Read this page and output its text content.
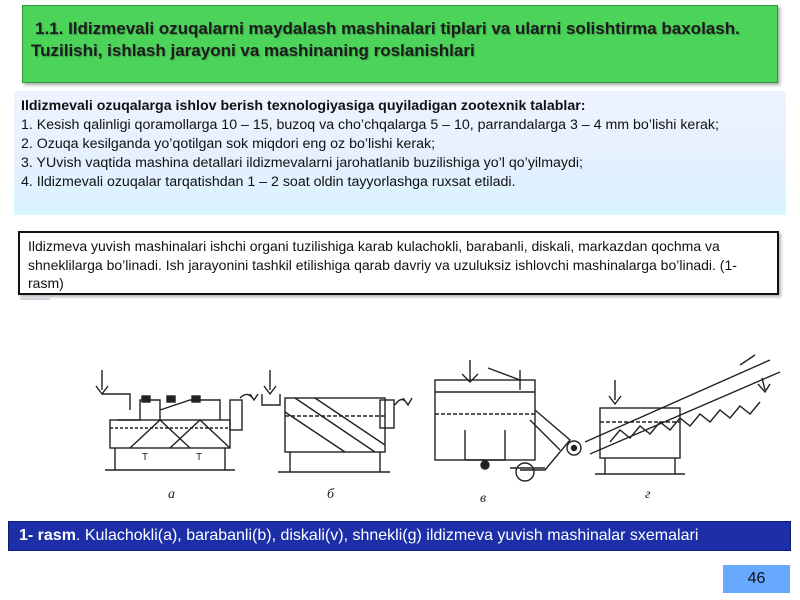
1.1. Ildizmevali ozuqalarni maydalash mashinalari tiplari va ularni solishtirma baxolash.
Tuzilishi, ishlash jarayoni va mashinaning roslanishlari
Ildizmevali ozuqalarga ishlov berish texnologiyasiga quyiladigan zootexnik talablar:
1. Kesish qalinligi qoramollarga 10 – 15, buzoq va cho’chqalarga 5 – 10, parrandalarga 3 – 4 mm bo’lishi kerak;
2. Ozuqa kesilganda yo’qotilgan sok miqdori eng oz bo’lishi kerak;
3. YUvish vaqtida mashina detallari ildizmevalarni jarohatlanib buzilishiga yo’l qo’yilmaydi;
4. Ildizmevali ozuqalar tarqatishdan 1 – 2 soat oldin tayyorlashga ruxsat etiladi.
Ildizmeva yuvish mashinalari ishchi organi tuzilishiga karab kulachokli, barabanli, diskali, markazdan qochma va shneklilarga bo’linadi. Ish jarayonini tashkil etilishiga qarab davriy va uzuluksiz ishlovchi mashinalarga bo’linadi. (1-rasm)
а	б	в	г
T	T
1- rasm. Kulachokli(a), barabanli(b), diskali(v), shnekli(g) ildizmeva yuvish mashinalar sxemalari
46
